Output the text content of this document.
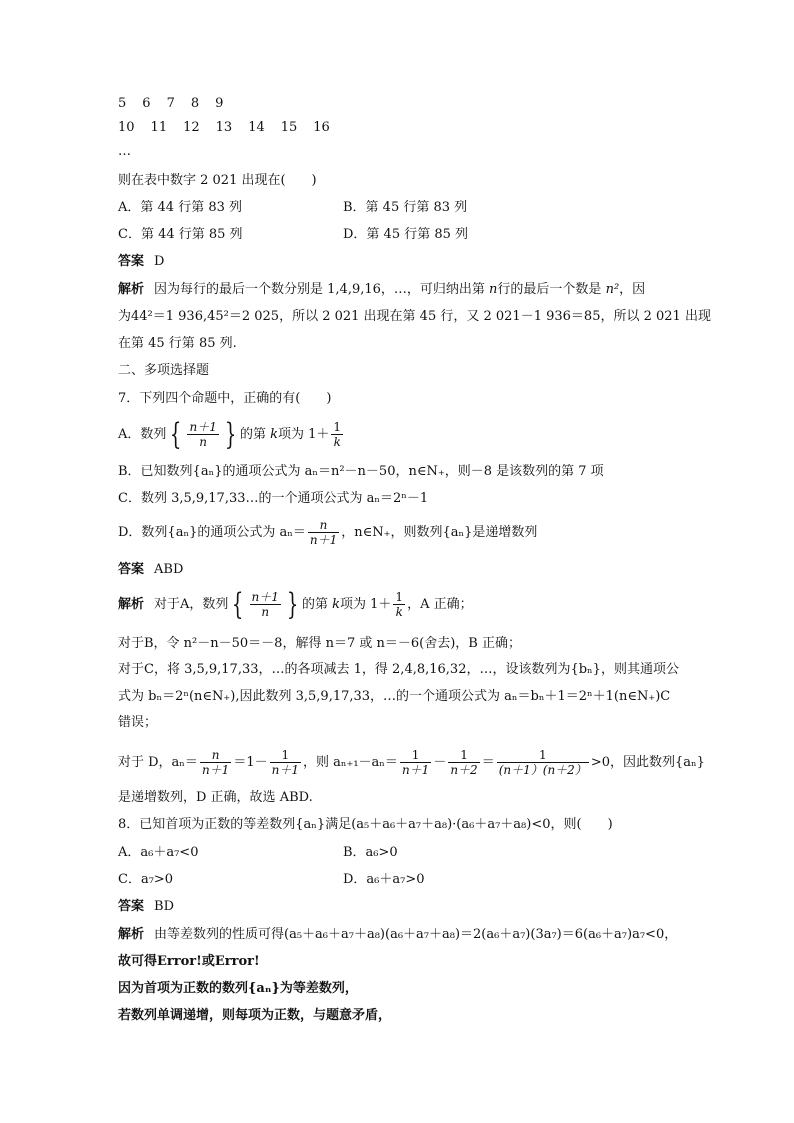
5 6 7 8 9
10 11 12 13 14 15 16
…
则在表中数字 2 021 出现在(　　)
A．第 44 行第 83 列	B．第 45 行第 83 列
C．第 44 行第 85 列	D．第 45 行第 85 列
答案 D
解析 因为每行的最后一个数分别是 1,4,9,16，…，可归纳出第 n行的最后一个数是 n²，因
为44²＝1 936,45²＝2 025，所以 2 021 出现在第 45 行，又 2 021－1 936＝85，所以 2 021 出现
在第 45 行第 85 列.
二、多项选择题
7．下列四个命题中，正确的有(　　)
A．数列 { $\frac{n+1}{n}$ } 的第 k项为 $1+ \frac{1}{k}$
B．已知数列{aₙ}的通项公式为 aₙ＝n²－n－50，n∈N₊，则－8 是该数列的第 7 项
C．数列 3,5,9,17,33…的一个通项公式为 aₙ＝2ⁿ－1
D．数列{aₙ}的通项公式为 $a_n= \frac{n}{n+1}$ ，n∈N₊，则数列{aₙ}是递增数列
答案 ABD
解析 对于A，数列 { $\frac{n+1}{n}$ } 的第 k项为 $1+ \frac{1}{k}$ ，A 正确；
对于B，令 n²－n－50＝－8，解得 n＝7 或 n＝－6(舍去)，B 正确；
对于C，将 3,5,9,17,33，…的各项减去 1，得 2,4,8,16,32，…，设该数列为{bₙ}，则其通项公
式为 bₙ＝2ⁿ(n∈N₊),因此数列 3,5,9,17,33，…的一个通项公式为 aₙ＝bₙ＋1＝2ⁿ＋1(n∈N₊)C
错误；
对于 D，$a_n= \frac{n}{n+1} =1- \frac{1}{n+1}$ ，则 $a_{n+1}-a_n= \frac{1}{n+1} - \frac{1}{n+2} = \frac{1}{(n+1)(n+2)} >0$，因此数列{aₙ}
是递增数列，D 正确，故选 ABD.
8．已知首项为正数的等差数列{aₙ}满足(a₅＋a₆＋a₇＋a₈)·(a₆＋a₇＋a₈)<0，则(　　)
A．a₆＋a₇<0	B．a₆>0
C．a₇>0	D．a₆＋a₇>0
答案 BD
解析 由等差数列的性质可得(a₅＋a₆＋a₇＋a₈)(a₆＋a₇＋a₈)＝2(a₆＋a₇)(3a₇)＝6(a₆＋a₇)a₇<0，
故可得Error!或Error!
因为首项为正数的数列{aₙ}为等差数列，
若数列单调递增，则每项为正数，与题意矛盾，
